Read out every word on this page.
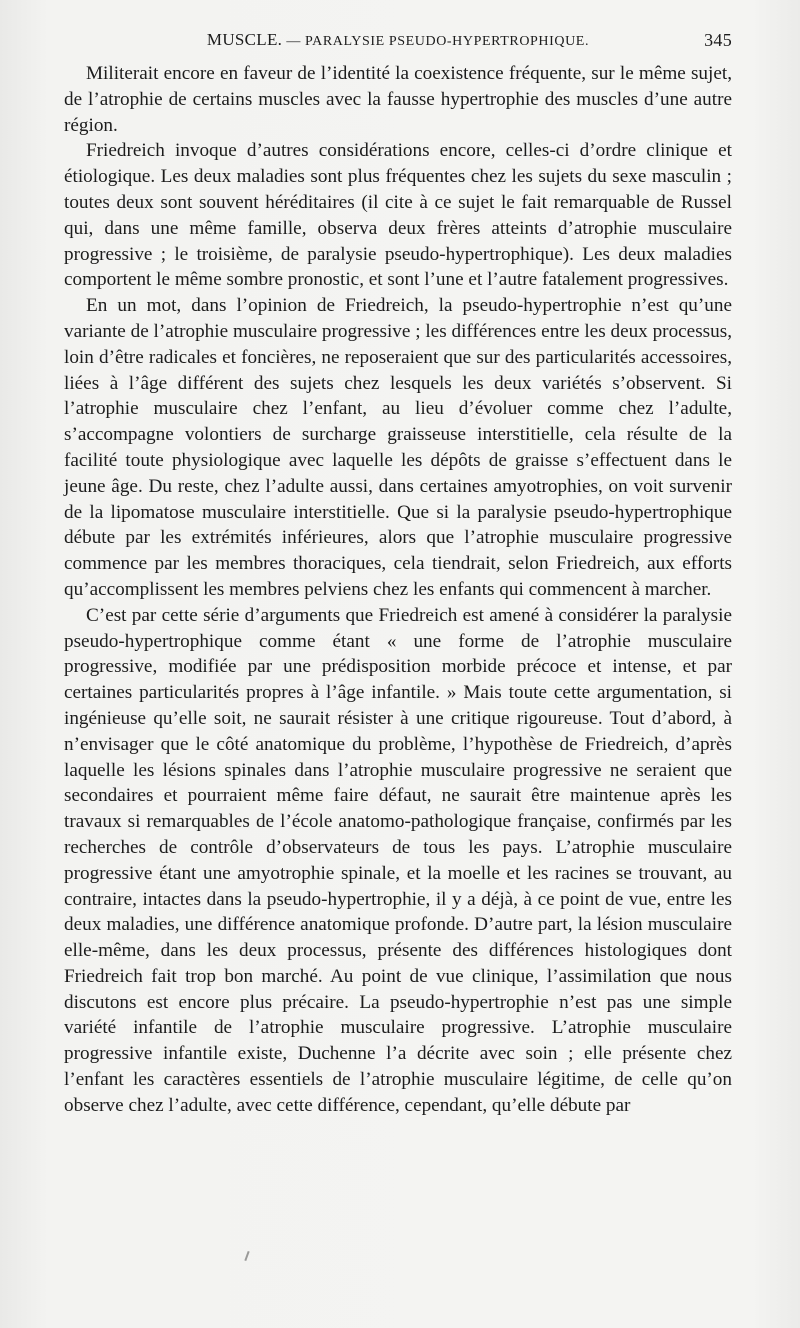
MUSCLE. — PARALYSIE PSEUDO-HYPERTROPHIQUE.	345

Militerait encore en faveur de l’identité la coexistence fréquente, sur le même sujet, de l’atrophie de certains muscles avec la fausse hypertrophie des muscles d’une autre région.

Friedreich invoque d’autres considérations encore, celles-ci d’ordre clinique et étiologique. Les deux maladies sont plus fréquentes chez les sujets du sexe masculin ; toutes deux sont souvent héréditaires (il cite à ce sujet le fait remarquable de Russel qui, dans une même famille, observa deux frères atteints d’atrophie musculaire progressive ; le troisième, de paralysie pseudo-hypertrophique). Les deux maladies comportent le même sombre pronostic, et sont l’une et l’autre fatalement progressives.

En un mot, dans l’opinion de Friedreich, la pseudo-hypertrophie n’est qu’une variante de l’atrophie musculaire progressive ; les différences entre les deux processus, loin d’être radicales et foncières, ne reposeraient que sur des particularités accessoires, liées à l’âge différent des sujets chez lesquels les deux variétés s’observent. Si l’atrophie musculaire chez l’enfant, au lieu d’évoluer comme chez l’adulte, s’accompagne volontiers de surcharge graisseuse interstitielle, cela résulte de la facilité toute physiologique avec laquelle les dépôts de graisse s’effectuent dans le jeune âge. Du reste, chez l’adulte aussi, dans certaines amyotrophies, on voit survenir de la lipomatose musculaire interstitielle. Que si la paralysie pseudo-hypertrophique débute par les extrémités inférieures, alors que l’atrophie musculaire progressive commence par les membres thoraciques, cela tiendrait, selon Friedreich, aux efforts qu’accomplissent les membres pelviens chez les enfants qui commencent à marcher.

C’est par cette série d’arguments que Friedreich est amené à considérer la paralysie pseudo-hypertrophique comme étant « une forme de l’atrophie musculaire progressive, modifiée par une prédisposition morbide précoce et intense, et par certaines particularités propres à l’âge infantile. » Mais toute cette argumentation, si ingénieuse qu’elle soit, ne saurait résister à une critique rigoureuse. Tout d’abord, à n’envisager que le côté anatomique du problème, l’hypothèse de Friedreich, d’après laquelle les lésions spinales dans l’atrophie musculaire progressive ne seraient que secondaires et pourraient même faire défaut, ne saurait être maintenue après les travaux si remarquables de l’école anatomo-pathologique française, confirmés par les recherches de contrôle d’observateurs de tous les pays. L’atrophie musculaire progressive étant une amyotrophie spinale, et la moelle et les racines se trouvant, au contraire, intactes dans la pseudo-hypertrophie, il y a déjà, à ce point de vue, entre les deux maladies, une différence anatomique profonde. D’autre part, la lésion musculaire elle-même, dans les deux processus, présente des différences histologiques dont Friedreich fait trop bon marché. Au point de vue clinique, l’assimilation que nous discutons est encore plus précaire. La pseudo-hypertrophie n’est pas une simple variété infantile de l’atrophie musculaire progressive. L’atrophie musculaire progressive infantile existe, Duchenne l’a décrite avec soin ; elle présente chez l’enfant les caractères essentiels de l’atrophie musculaire légitime, de celle qu’on observe chez l’adulte, avec cette différence, cependant, qu’elle débute par
